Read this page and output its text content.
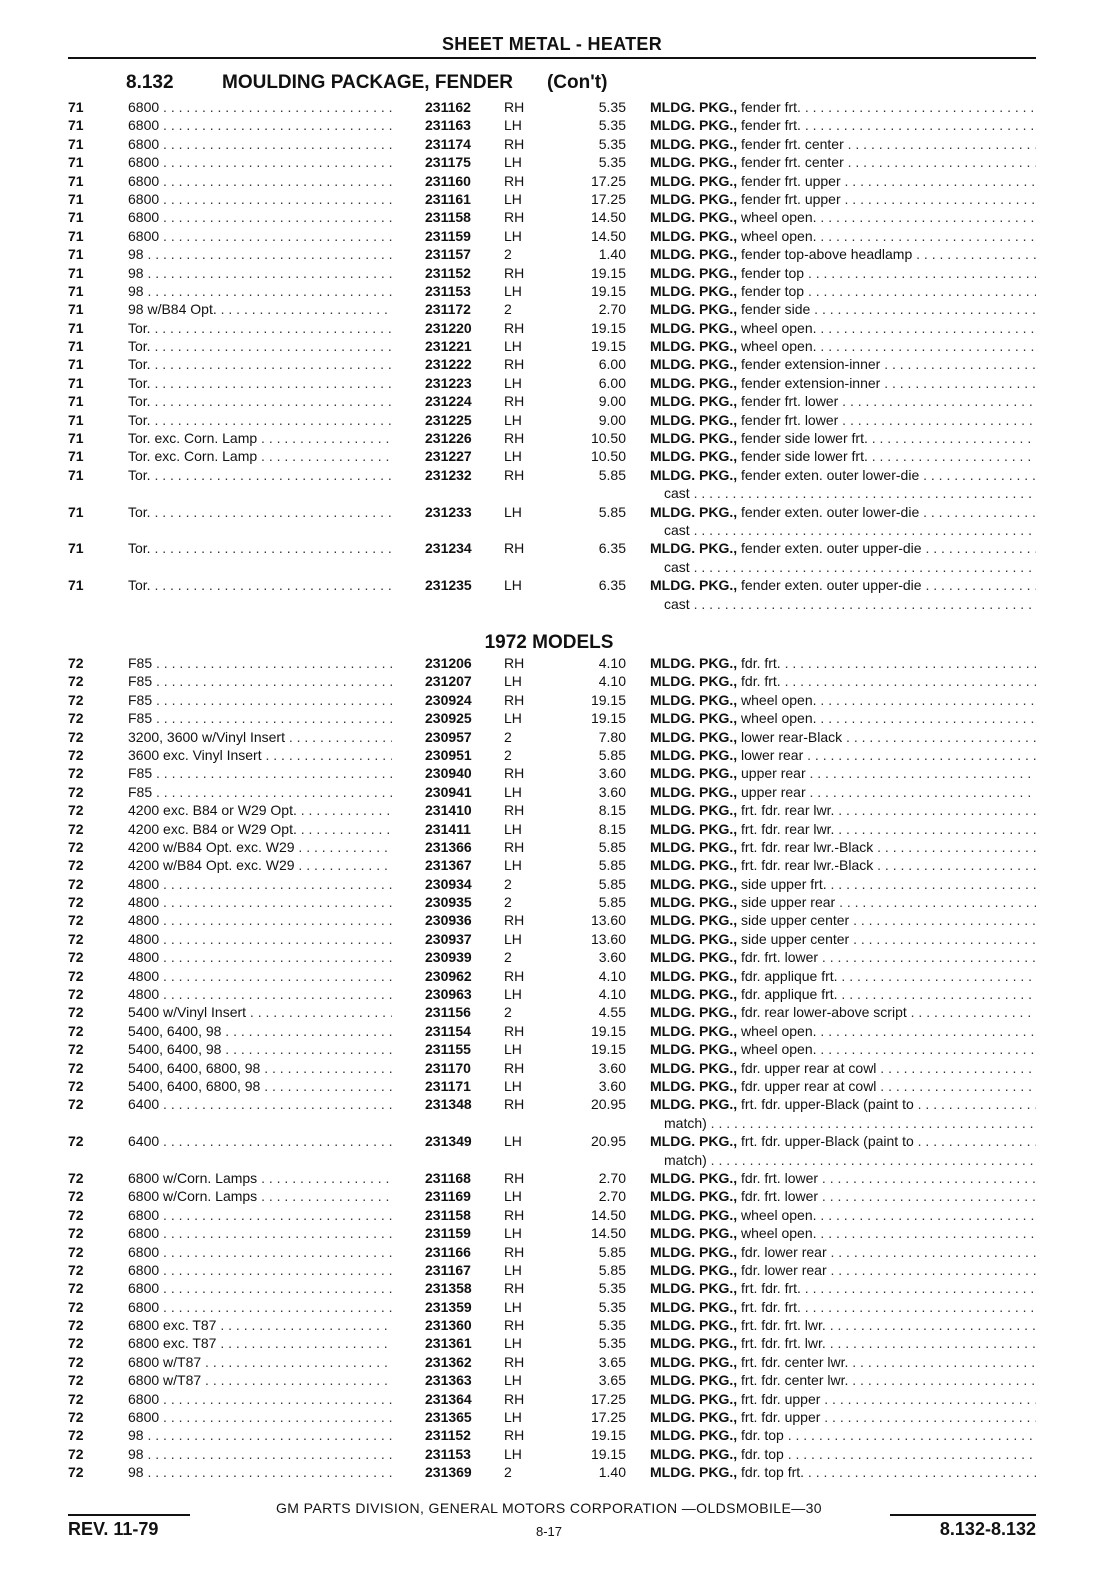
SHEET METAL - HEATER
8.132	MOULDING PACKAGE, FENDER (Con't)
71	6800 . . .	231162 RH	5.35 MLDG. PKG., fender frt. . . .
71	6800 . . .	231163 LH	5.35 MLDG. PKG., fender frt. . . .
71	6800 . . .	231174 RH	5.35 MLDG. PKG., fender frt. center . . .
71	6800 . . .	231175 LH	5.35 MLDG. PKG., fender frt. center . . .
71	6800 . . .	231160 RH	17.25 MLDG. PKG., fender frt. upper . . .
71	6800 . . .	231161 LH	17.25 MLDG. PKG., fender frt. upper . . .
71	6800 . . .	231158 RH	14.50 MLDG. PKG., wheel open. . . .
71	6800 . . .	231159 LH	14.50 MLDG. PKG., wheel open. . . .
71	98 . . .	231157 2	1.40 MLDG. PKG., fender top-above headlamp . . .
71	98 . . .	231152 RH	19.15 MLDG. PKG., fender top . . .
71	98 . . .	231153 LH	19.15 MLDG. PKG., fender top . . .
71	98 w/B84 Opt. . . .	231172 2	2.70 MLDG. PKG., fender side . . .
71	Tor. . . .	231220 RH	19.15 MLDG. PKG., wheel open. . . .
71	Tor. . . .	231221 LH	19.15 MLDG. PKG., wheel open. . . .
71	Tor. . . .	231222 RH	6.00 MLDG. PKG., fender extension-inner . . .
71	Tor. . . .	231223 LH	6.00 MLDG. PKG., fender extension-inner . . .
71	Tor. . . .	231224 RH	9.00 MLDG. PKG., fender frt. lower . . .
71	Tor. . . .	231225 LH	9.00 MLDG. PKG., fender frt. lower . . .
71	Tor. exc. Corn. Lamp . . .	231226 RH	10.50 MLDG. PKG., fender side lower frt. . . .
71	Tor. exc. Corn. Lamp . . .	231227 LH	10.50 MLDG. PKG., fender side lower frt. . . .
71	Tor. . . .	231232 RH	5.85 MLDG. PKG., fender exten. outer lower-die . . .
cast . . .
71	Tor. . . .	231233 LH	5.85 MLDG. PKG., fender exten. outer lower-die . . .
cast . . .
71	Tor. . . .	231234 RH	6.35 MLDG. PKG., fender exten. outer upper-die . . .
cast . . .
71	Tor. . . .	231235 LH	6.35 MLDG. PKG., fender exten. outer upper-die . . .
cast . . .
1972 MODELS
72	F85 . . .	231206 RH	4.10 MLDG. PKG., fdr. frt. . . .
72	F85 . . .	231207 LH	4.10 MLDG. PKG., fdr. frt. . . .
72	F85 . . .	230924 RH	19.15 MLDG. PKG., wheel open. . . .
72	F85 . . .	230925 LH	19.15 MLDG. PKG., wheel open. . . .
72	3200, 3600 w/Vinyl Insert . . .	230957 2	7.80 MLDG. PKG., lower rear-Black . . .
72	3600 exc. Vinyl Insert . . .	230951 2	5.85 MLDG. PKG., lower rear . . .
72	F85 . . .	230940 RH	3.60 MLDG. PKG., upper rear . . .
72	F85 . . .	230941 LH	3.60 MLDG. PKG., upper rear . . .
72	4200 exc. B84 or W29 Opt. . . .	231410 RH	8.15 MLDG. PKG., frt. fdr. rear lwr. . . .
72	4200 exc. B84 or W29 Opt. . . .	231411 LH	8.15 MLDG. PKG., frt. fdr. rear lwr. . . .
72	4200 w/B84 Opt. exc. W29 . . .	231366 RH	5.85 MLDG. PKG., frt. fdr. rear lwr.-Black . . .
72	4200 w/B84 Opt. exc. W29 . . .	231367 LH	5.85 MLDG. PKG., frt. fdr. rear lwr.-Black . . .
72	4800 . . .	230934 2	5.85 MLDG. PKG., side upper frt. . . .
72	4800 . . .	230935 2	5.85 MLDG. PKG., side upper rear . . .
72	4800 . . .	230936 RH	13.60 MLDG. PKG., side upper center . . .
72	4800 . . .	230937 LH	13.60 MLDG. PKG., side upper center . . .
72	4800 . . .	230939 2	3.60 MLDG. PKG., fdr. frt. lower . . .
72	4800 . . .	230962 RH	4.10 MLDG. PKG., fdr. applique frt. . . .
72	4800 . . .	230963 LH	4.10 MLDG. PKG., fdr. applique frt. . . .
72	5400 w/Vinyl Insert . . .	231156 2	4.55 MLDG. PKG., fdr. rear lower-above script . . .
72	5400, 6400, 98 . . .	231154 RH	19.15 MLDG. PKG., wheel open. . . .
72	5400, 6400, 98 . . .	231155 LH	19.15 MLDG. PKG., wheel open. . . .
72	5400, 6400, 6800, 98 . . .	231170 RH	3.60 MLDG. PKG., fdr. upper rear at cowl . . .
72	5400, 6400, 6800, 98 . . .	231171 LH	3.60 MLDG. PKG., fdr. upper rear at cowl . . .
72	6400 . . .	231348 RH	20.95 MLDG. PKG., frt. fdr. upper-Black (paint to . . .
match) . . .
72	6400 . . .	231349 LH	20.95 MLDG. PKG., frt. fdr. upper-Black (paint to . . .
match) . . .
72	6800 w/Corn. Lamps . . .	231168 RH	2.70 MLDG. PKG., fdr. frt. lower . . .
72	6800 w/Corn. Lamps . . .	231169 LH	2.70 MLDG. PKG., fdr. frt. lower . . .
72	6800 . . .	231158 RH	14.50 MLDG. PKG., wheel open. . . .
72	6800 . . .	231159 LH	14.50 MLDG. PKG., wheel open. . . .
72	6800 . . .	231166 RH	5.85 MLDG. PKG., fdr. lower rear . . .
72	6800 . . .	231167 LH	5.85 MLDG. PKG., fdr. lower rear . . .
72	6800 . . .	231358 RH	5.35 MLDG. PKG., frt. fdr. frt. . . .
72	6800 . . .	231359 LH	5.35 MLDG. PKG., frt. fdr. frt. . . .
72	6800 exc. T87 . . .	231360 RH	5.35 MLDG. PKG., frt. fdr. frt. lwr. . . .
72	6800 exc. T87 . . .	231361 LH	5.35 MLDG. PKG., frt. fdr. frt. lwr. . . .
72	6800 w/T87 . . .	231362 RH	3.65 MLDG. PKG., frt. fdr. center lwr. . . .
72	6800 w/T87 . . .	231363 LH	3.65 MLDG. PKG., frt. fdr. center lwr. . . .
72	6800 . . .	231364 RH	17.25 MLDG. PKG., frt. fdr. upper . . .
72	6800 . . .	231365 LH	17.25 MLDG. PKG., frt. fdr. upper . . .
72	98 . . .	231152 RH	19.15 MLDG. PKG., fdr. top . . .
72	98 . . .	231153 LH	19.15 MLDG. PKG., fdr. top . . .
72	98 . . .	231369 2	1.40 MLDG. PKG., fdr. top frt. . . .
GM PARTS DIVISION, GENERAL MOTORS CORPORATION —OLDSMOBILE—30
REV. 11-79	8-17	8.132-8.132
